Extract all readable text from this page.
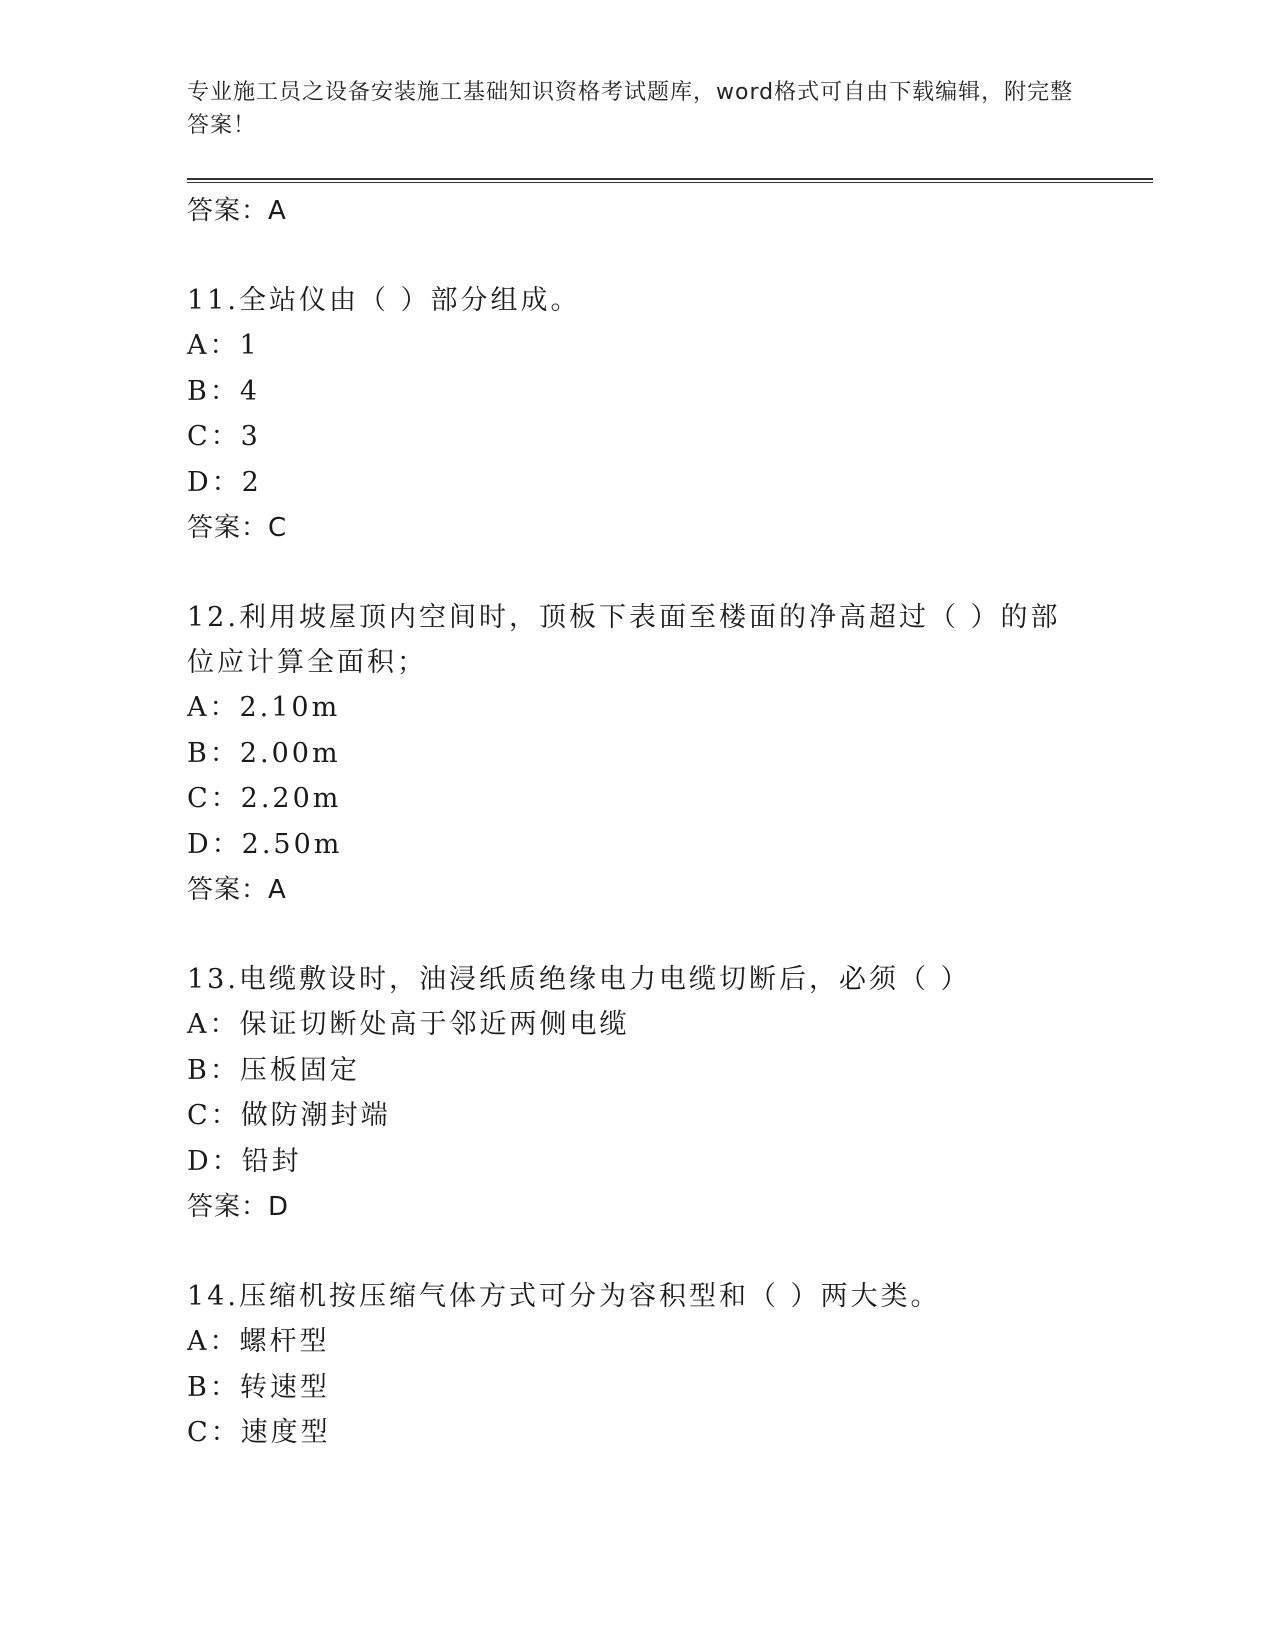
专业施工员之设备安装施工基础知识资格考试题库，word格式可自由下载编辑，附完整答案！
答案：A
11.全站仪由（ ）部分组成。
A：1
B：4
C：3
D：2
答案：C
12.利用坡屋顶内空间时，顶板下表面至楼面的净高超过（ ）的部位应计算全面积；
A：2.10m
B：2.00m
C：2.20m
D：2.50m
答案：A
13.电缆敷设时，油浸纸质绝缘电力电缆切断后，必须（ ）
A：保证切断处高于邻近两侧电缆
B：压板固定
C：做防潮封端
D：铅封
答案：D
14.压缩机按压缩气体方式可分为容积型和（ ）两大类。
A：螺杆型
B：转速型
C：速度型
